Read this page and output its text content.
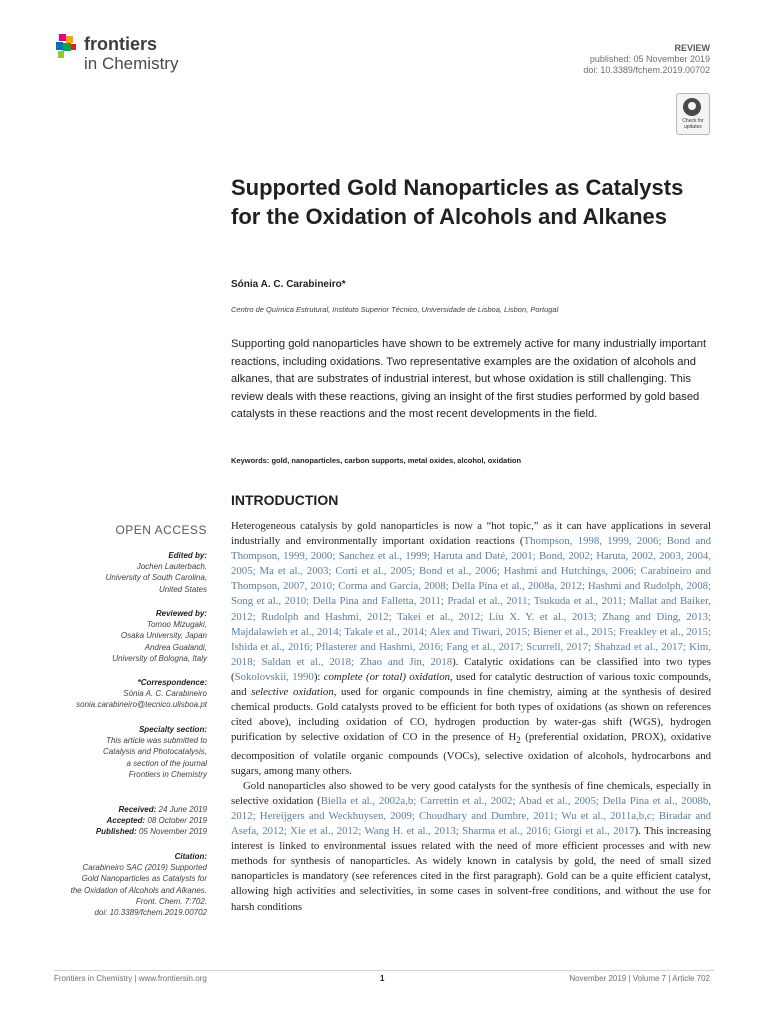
frontiers
in Chemistry
REVIEW
published: 05 November 2019
doi: 10.3389/fchem.2019.00702
Check for
updates
Supported Gold Nanoparticles as Catalysts for the Oxidation of Alcohols and Alkanes
Sónia A. C. Carabineiro*
Centro de Química Estrutural, Instituto Superior Técnico, Universidade de Lisboa, Lisbon, Portugal
Supporting gold nanoparticles have shown to be extremely active for many industrially important reactions, including oxidations. Two representative examples are the oxidation of alcohols and alkanes, that are substrates of industrial interest, but whose oxidation is still challenging. This review deals with these reactions, giving an insight of the first studies performed by gold based catalysts in these reactions and the most recent developments in the field.
Keywords: gold, nanoparticles, carbon supports, metal oxides, alcohol, oxidation
INTRODUCTION
OPEN ACCESS
Edited by:
Jochen Lauterbach,
University of South Carolina,
United States
Reviewed by:
Tomoo Mizugaki,
Osaka University, Japan
Andrea Gualandi,
University of Bologna, Italy
*Correspondence:
Sónia A. C. Carabineiro
sonia.carabineiro@tecnico.ulisboa.pt
Specialty section:
This article was submitted to
Catalysis and Photocatalysis,
a section of the journal
Frontiers in Chemistry
Received: 24 June 2019
Accepted: 08 October 2019
Published: 05 November 2019
Citation:
Carabineiro SAC (2019) Supported
Gold Nanoparticles as Catalysts for
the Oxidation of Alcohols and Alkanes.
Front. Chem. 7:702.
doi: 10.3389/fchem.2019.00702

Heterogeneous catalysis by gold nanoparticles is now a “hot topic,” as it can have applications in several industrially and environmentally important oxidation reactions (Thompson, 1998, 1999, 2006; Bond and Thompson, 1999, 2000; Sanchez et al., 1999; Haruta and Daté, 2001; Bond, 2002; Haruta, 2002, 2003, 2004, 2005; Ma et al., 2003; Corti et al., 2005; Bond et al., 2006; Hashmi and Hutchings, 2006; Carabineiro and Thompson, 2007, 2010; Corma and Garcia, 2008; Della Pina et al., 2008a, 2012; Hashmi and Rudolph, 2008; Song et al., 2010; Della Pina and Falletta, 2011; Pradal et al., 2011; Tsukuda et al., 2011; Mallat and Baiker, 2012; Rudolph and Hashmi, 2012; Takei et al., 2012; Liu X. Y. et al., 2013; Zhang and Ding, 2013; Majdalawieh et al., 2014; Takale et al., 2014; Alex and Tiwari, 2015; Biener et al., 2015; Freakley et al., 2015; Ishida et al., 2016; Pflasterer and Hashmi, 2016; Fang et al., 2017; Scurrell, 2017; Shahzad et al., 2017; Kim, 2018; Saldan et al., 2018; Zhao and Jin, 2018). Catalytic oxidations can be classified into two types (Sokolovskii, 1990): complete (or total) oxidation, used for catalytic destruction of various toxic compounds, and selective oxidation, used for organic compounds in fine chemistry, aiming at the synthesis of desired chemical products. Gold catalysts proved to be efficient for both types of oxidations (as shown on references cited above), including oxidation of CO, hydrogen production by water-gas shift (WGS), hydrogen purification by selective oxidation of CO in the presence of $H_2$ (preferential oxidation, PROX), oxidative decomposition of volatile organic compounds (VOCs), selective oxidation of alcohols, hydrocarbons and sugars, among many others.

Gold nanoparticles also showed to be very good catalysts for the synthesis of fine chemicals, especially in selective oxidation (Biella et al., 2002a,b; Carrettin et al., 2002; Abad et al., 2005; Della Pina et al., 2008b, 2012; Hereijgers and Weckhuysen, 2009; Choudhary and Dumbre, 2011; Wu et al., 2011a,b,c; Biradar and Asefa, 2012; Xie et al., 2012; Wang H. et al., 2013; Sharma et al., 2016; Giorgi et al., 2017). This increasing interest is linked to environmental issues related with the need of more efficient processes and with new methods for synthesis of nanoparticles. As widely known in catalysis by gold, the need of small sized nanoparticles is mandatory (see references cited in the first paragraph). Gold can be a quite efficient catalyst, allowing high activities and selectivities, in some cases in solvent-free conditions, and without the use for harsh conditions

Frontiers in Chemistry | www.frontiersin.org	1	November 2019 | Volume 7 | Article 702
